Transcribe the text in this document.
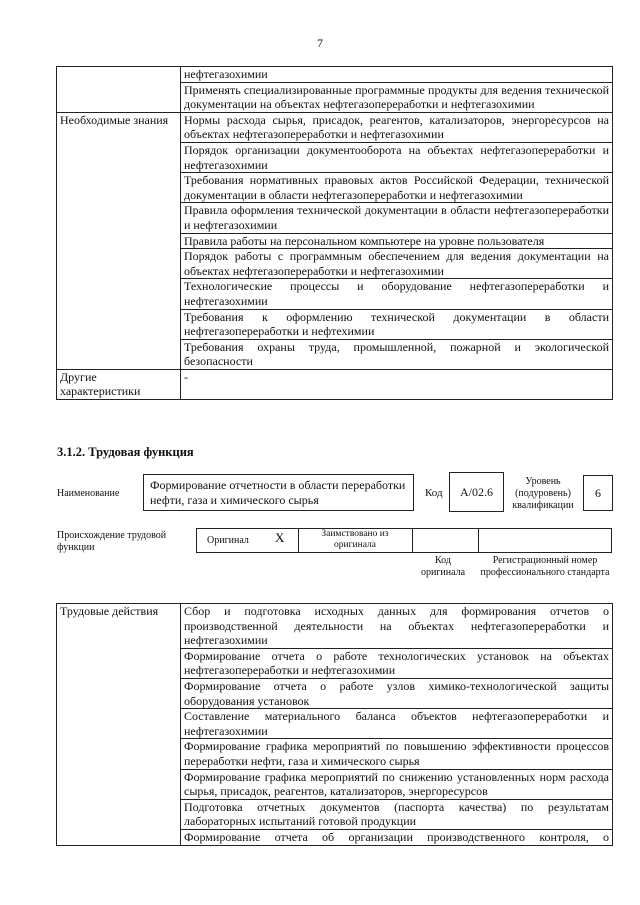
7
	нефтегазохимии
	Применять специализированные программные продукты для ведения технической документации на объектах нефтегазопереработки и нефтегазохимии
Необходимые знания	Нормы расхода сырья, присадок, реагентов, катализаторов, энергоресурсов на объектах нефтегазопереработки и нефтегазохимии
	Порядок организации документооборота на объектах нефтегазопереработки и нефтегазохимии
	Требования нормативных правовых актов Российской Федерации, технической документации в области нефтегазопереработки и нефтегазохимии
	Правила оформления технической документации в области нефтегазопереработки и нефтегазохимии
	Правила работы на персональном компьютере на уровне пользователя
	Порядок работы с программным обеспечением для ведения документации на объектах нефтегазопереработки и нефтегазохимии
	Технологические процессы и оборудование нефтегазопереработки и нефтегазохимии
	Требования к оформлению технической документации в области нефтегазопереработки и нефтехимии
	Требования охраны труда, промышленной, пожарной и экологической безопасности
Другие характеристики	-
3.1.2. Трудовая функция
Наименование
Формирование отчетности в области переработки нефти, газа и химического сырья	Код А/02.6
Уровень (подуровень) квалификации
6
Происхождение трудовой функции
Оригинал X	Заимствовано из оригинала
Код оригинала
Регистрационный номер профессионального стандарта
Трудовые действия	Сбор и подготовка исходных данных для формирования отчетов о производственной деятельности на объектах нефтегазопереработки и нефтегазохимии
Формирование отчета о работе технологических установок на объектах нефтегазопереработки и нефтегазохимии
Формирование отчета о работе узлов химико-технологической защиты оборудования установок
Составление материального баланса объектов нефтегазопереработки и нефтегазохимии
Формирование графика мероприятий по повышению эффективности процессов переработки нефти, газа и химического сырья
Формирование графика мероприятий по снижению установленных норм расхода сырья, присадок, реагентов, катализаторов, энергоресурсов
Подготовка отчетных документов (паспорта качества) по результатам лабораторных испытаний готовой продукции
Формирование отчета об организации производственного контроля, о
